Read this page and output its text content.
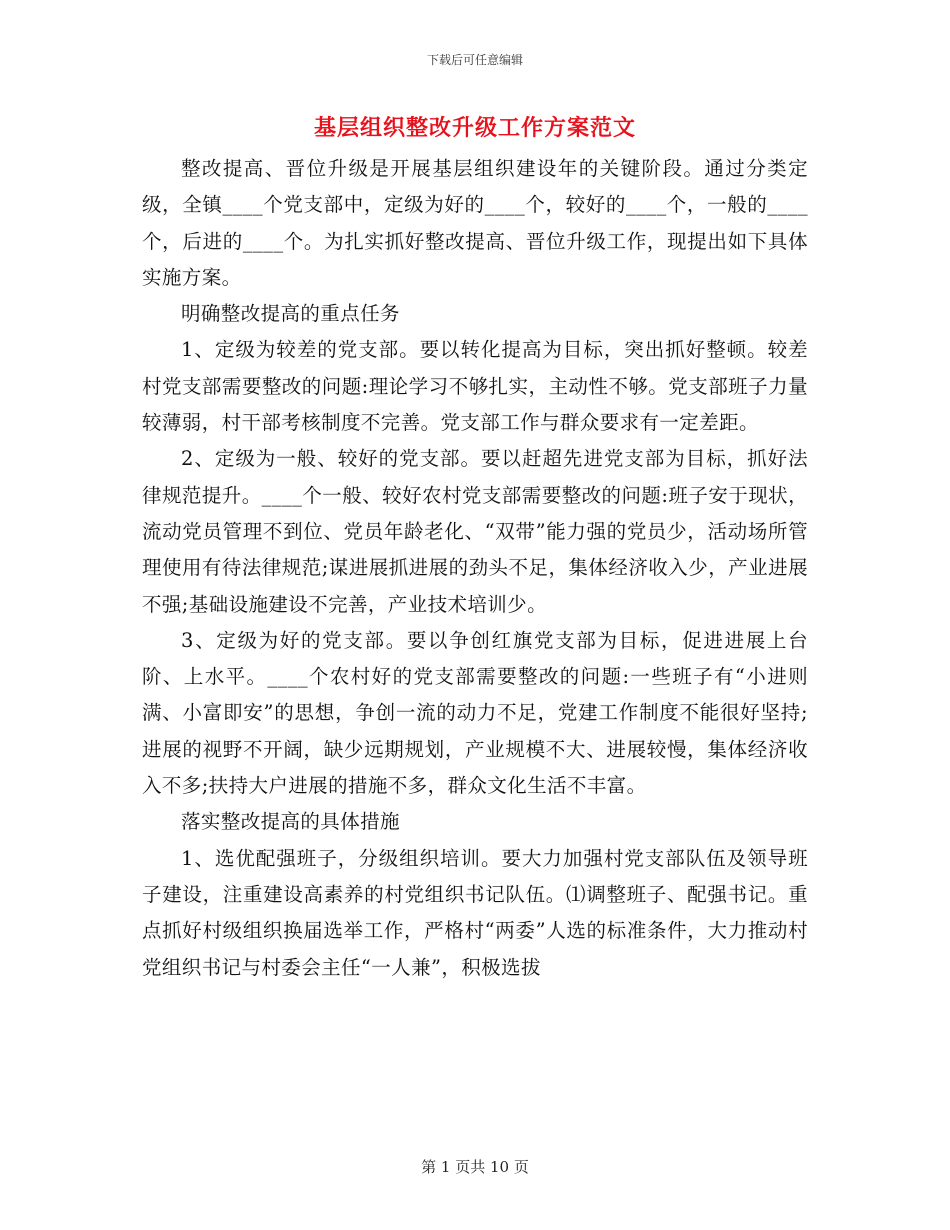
下载后可任意编辑
基层组织整改升级工作方案范文

整改提高、晋位升级是开展基层组织建设年的关键阶段。通过分类定级，全镇____个党支部中，定级为好的____个，较好的____个，一般的____个，后进的____个。为扎实抓好整改提高、晋位升级工作，现提出如下具体实施方案。

明确整改提高的重点任务

1、定级为较差的党支部。要以转化提高为目标，突出抓好整顿。较差村党支部需要整改的问题:理论学习不够扎实，主动性不够。党支部班子力量较薄弱，村干部考核制度不完善。党支部工作与群众要求有一定差距。

2、定级为一般、较好的党支部。要以赶超先进党支部为目标，抓好法律规范提升。____个一般、较好农村党支部需要整改的问题:班子安于现状，流动党员管理不到位、党员年龄老化、“双带”能力强的党员少，活动场所管理使用有待法律规范;谋进展抓进展的劲头不足，集体经济收入少，产业进展不强;基础设施建设不完善，产业技术培训少。

3、定级为好的党支部。要以争创红旗党支部为目标，促进进展上台阶、上水平。____个农村好的党支部需要整改的问题:一些班子有“小进则满、小富即安”的思想，争创一流的动力不足，党建工作制度不能很好坚持;进展的视野不开阔，缺少远期规划，产业规模不大、进展较慢，集体经济收入不多;扶持大户进展的措施不多，群众文化生活不丰富。

落实整改提高的具体措施

1、选优配强班子，分级组织培训。要大力加强村党支部队伍及领导班子建设，注重建设高素养的村党组织书记队伍。⑴调整班子、配强书记。重点抓好村级组织换届选举工作，严格村“两委”人选的标准条件，大力推动村党组织书记与村委会主任“一人兼”，积极选拔

第 1 页共 10 页
